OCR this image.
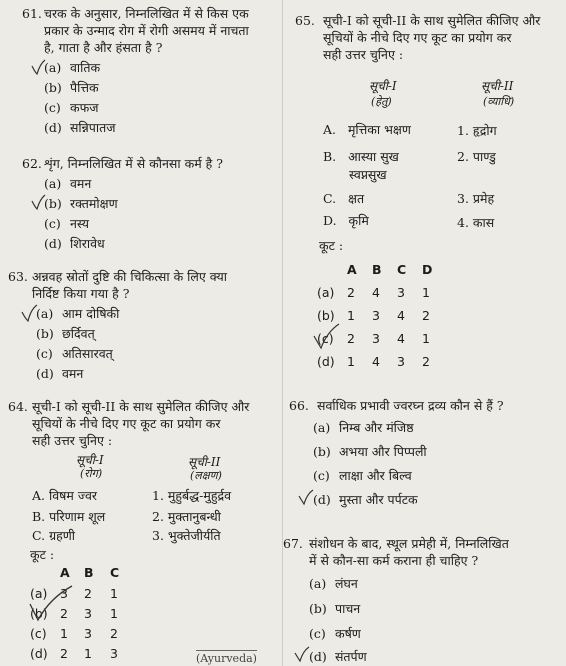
61. चरक के अनुसार, निम्नलिखित में से किस एक
प्रकार के उन्माद रोग में रोगी असमय में नाचता
है, गाता है और हंसता है ?
(a) वातिक
(b) पैत्तिक
(c) कफज
(d) सन्निपातज
62. शृंग, निम्नलिखित में से कौनसा कर्म है ?
(a) वमन
(b) रक्तमोक्षण
(c) नस्य
(d) शिरावेध
63. अन्नवह स्रोतों दुष्टि की चिकित्सा के लिए क्या
निर्दिष्ट किया गया है ?
(a) आम दोषिकी
(b) छर्दिवत्
(c) अतिसारवत्
(d) वमन
64. सूची-I को सूची-II के साथ सुमेलित कीजिए और
सूचियों के नीचे दिए गए कूट का प्रयोग कर
सही उत्तर चुनिए :
सूची-I
(रोग)
सूची-II
(लक्षण)
A. विषम ज्वर
B. परिणाम शूल
C. ग्रहणी
1. मुहुर्बद्ध-मुहुर्द्रव
2. मुक्तानुबन्धी
3. भुक्तेजीर्यति
कूट :
A B C
(a) 3 2 1
(b) 2 3 1
(c) 1 3 2
(d) 2 1 3
65. सूची-I को सूची-II के साथ सुमेलित कीजिए और
सूचियों के नीचे दिए गए कूट का प्रयोग कर
सही उत्तर चुनिए :
सूची-I
(हेतु)
सूची-II
(व्याधि)
A. मृत्तिका भक्षण
B. आस्या सुख
स्वप्नसुख
C. क्षत
D. कृमि
1. हृद्रोग
2. पाण्डु
3. प्रमेह
4. कास
कूट :
A B C D
(a) 2 4 3 1
(b) 1 3 4 2
(c) 2 3 4 1
(d) 1 4 3 2
66. सर्वाधिक प्रभावी ज्वरघ्न द्रव्य कौन से हैं ?
(a) निम्ब और मंजिष्ठ
(b) अभया और पिप्पली
(c) लाक्षा और बिल्व
(d) मुस्ता और पर्पटक
67. संशोधन के बाद, स्थूल प्रमेही में, निम्नलिखित
में से कौन-सा कर्म कराना ही चाहिए ?
(a) लंघन
(b) पाचन
(c) कर्षण
(d) संतर्पण
(Ayurveda)
